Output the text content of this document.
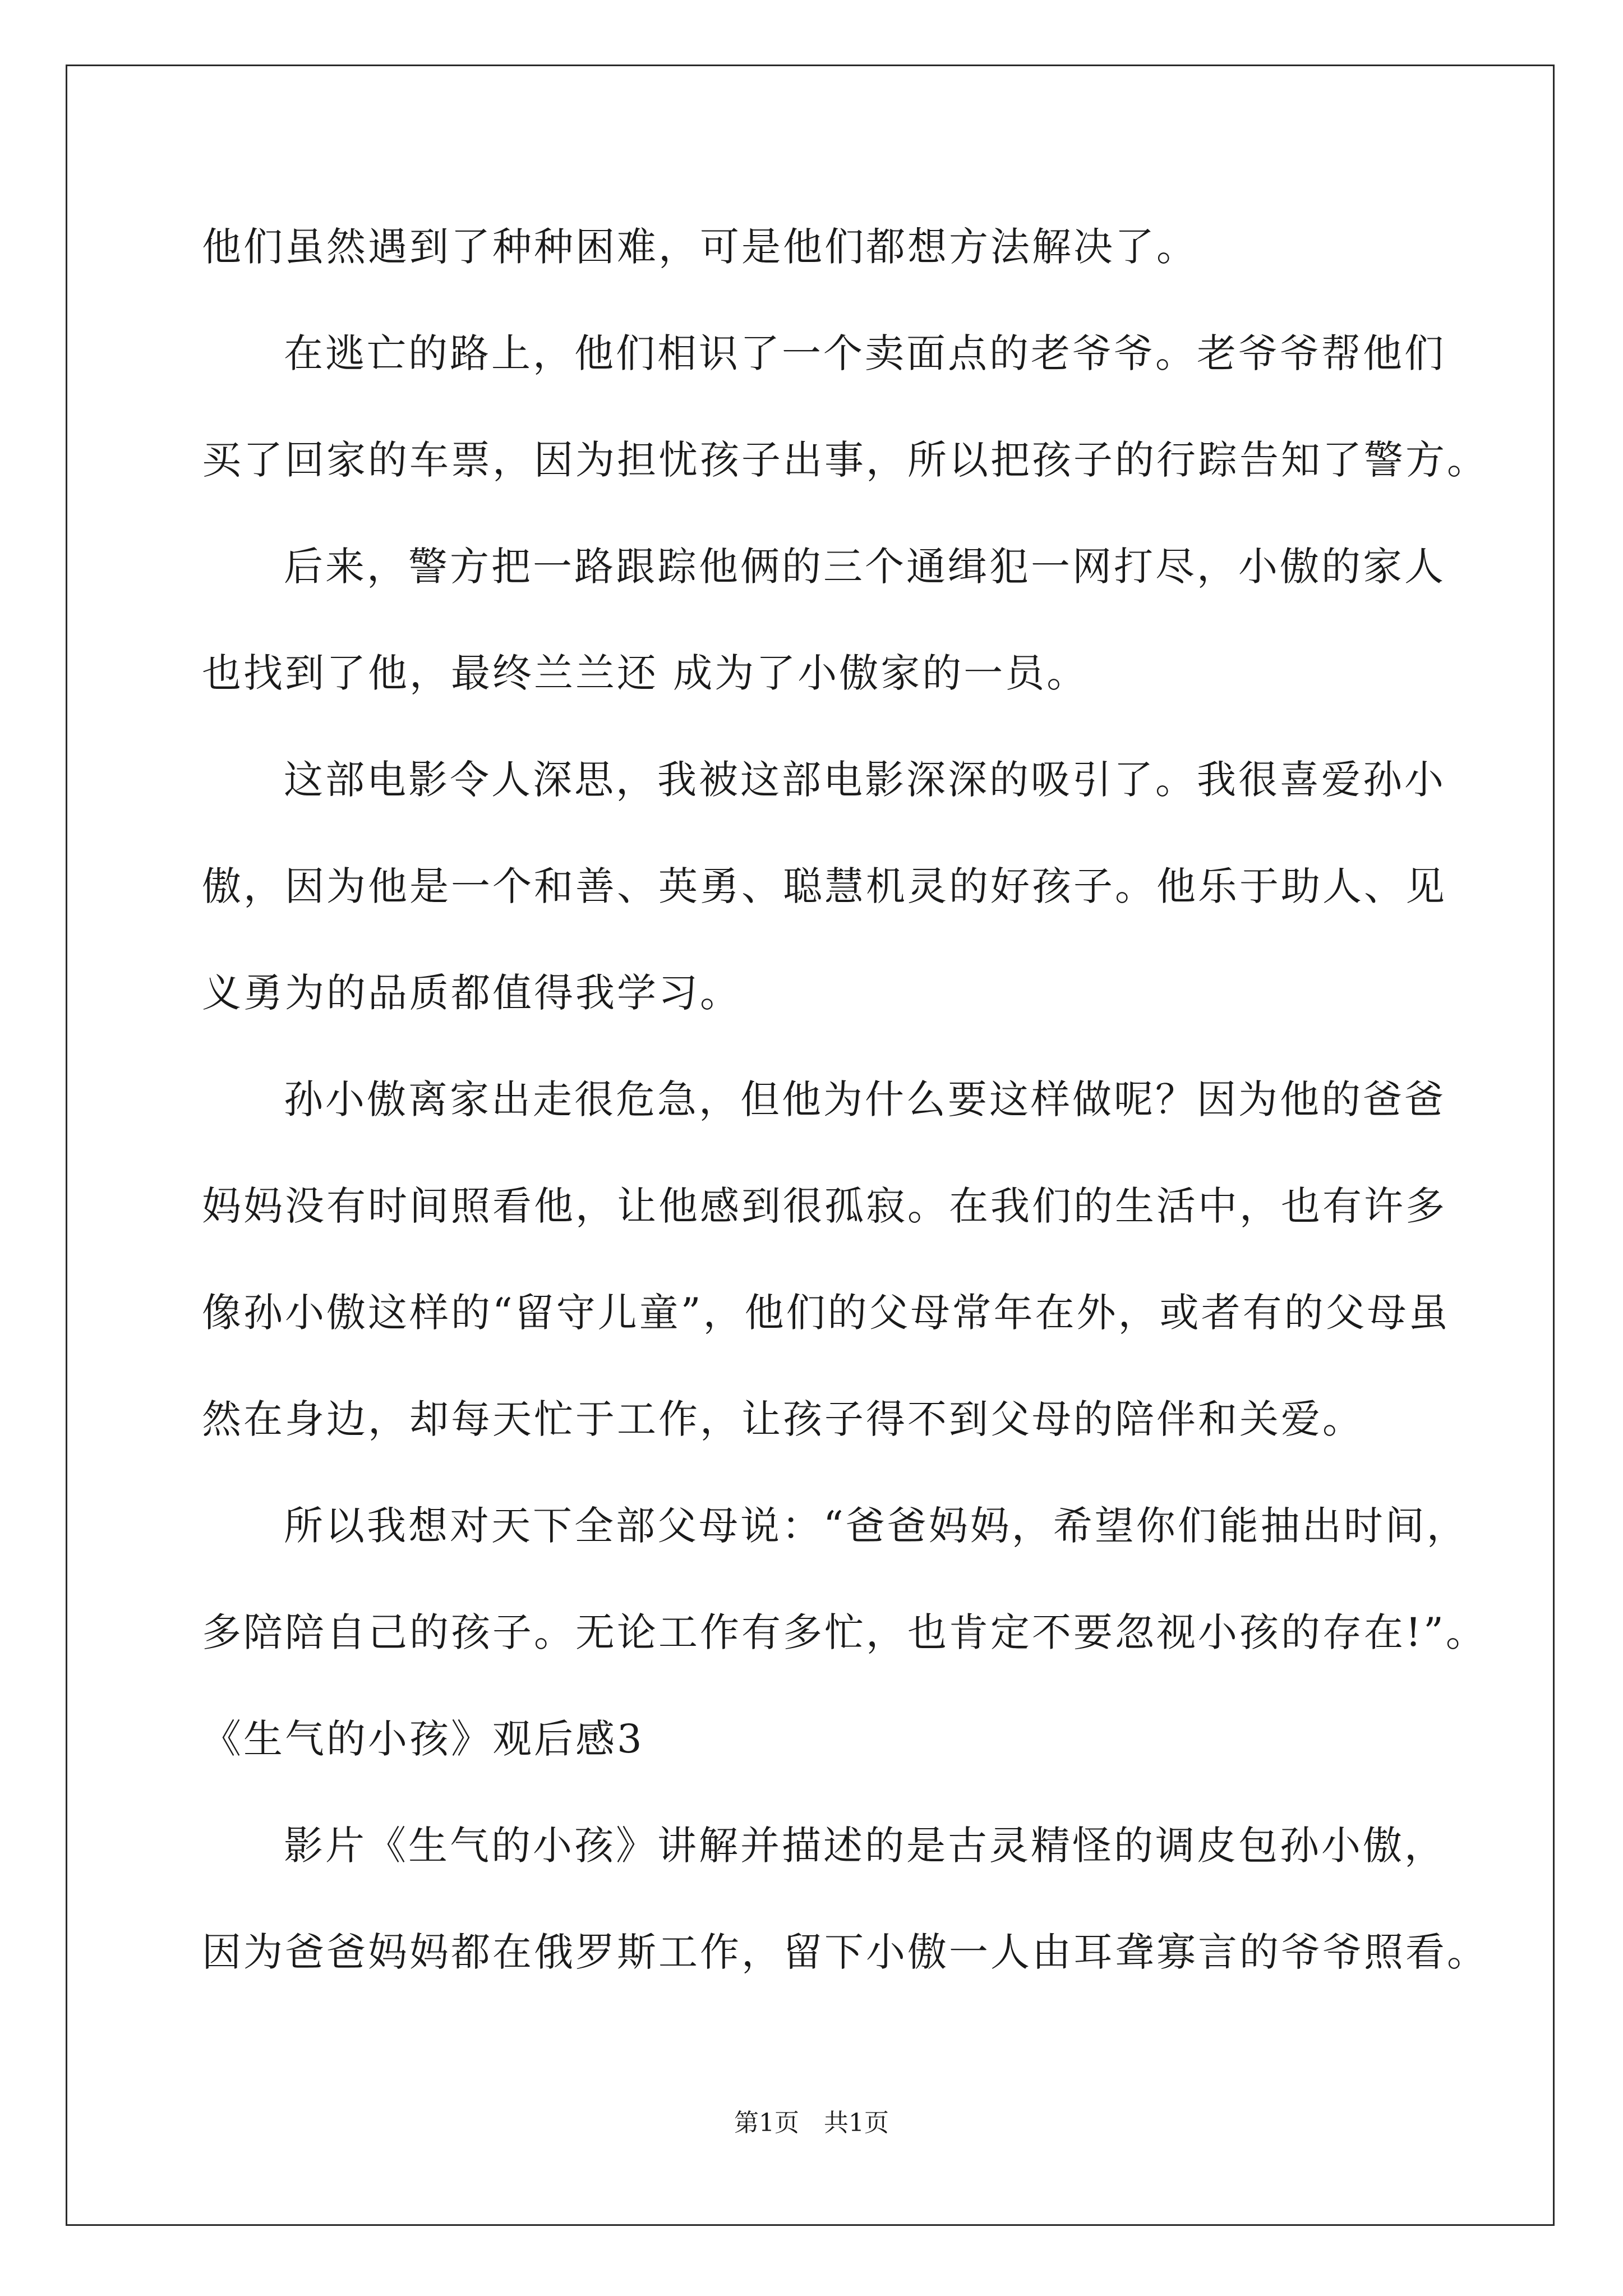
他们虽然遇到了种种困难，可是他们都想方法解决了。
在逃亡的路上，他们相识了一个卖面点的老爷爷。老爷爷帮他们
买了回家的车票，因为担忧孩子出事，所以把孩子的行踪告知了警方。
后来，警方把一路跟踪他俩的三个通缉犯一网打尽，小傲的家人
也找到了他，最终兰兰还 成为了小傲家的一员。
这部电影令人深思，我被这部电影深深的吸引了。我很喜爱孙小
傲，因为他是一个和善、英勇、聪慧机灵的好孩子。他乐于助人、见
义勇为的品质都值得我学习。
孙小傲离家出走很危急，但他为什么要这样做呢？因为他的爸爸
妈妈没有时间照看他，让他感到很孤寂。在我们的生活中，也有许多
像孙小傲这样的“留守儿童”，他们的父母常年在外，或者有的父母虽
然在身边，却每天忙于工作，让孩子得不到父母的陪伴和关爱。
所以我想对天下全部父母说：“爸爸妈妈，希望你们能抽出时间，
多陪陪自己的孩子。无论工作有多忙，也肯定不要忽视小孩的存在!”。
《生气的小孩》观后感3
影片《生气的小孩》讲解并描述的是古灵精怪的调皮包孙小傲，
因为爸爸妈妈都在俄罗斯工作，留下小傲一人由耳聋寡言的爷爷照看。
第1页 共1页
